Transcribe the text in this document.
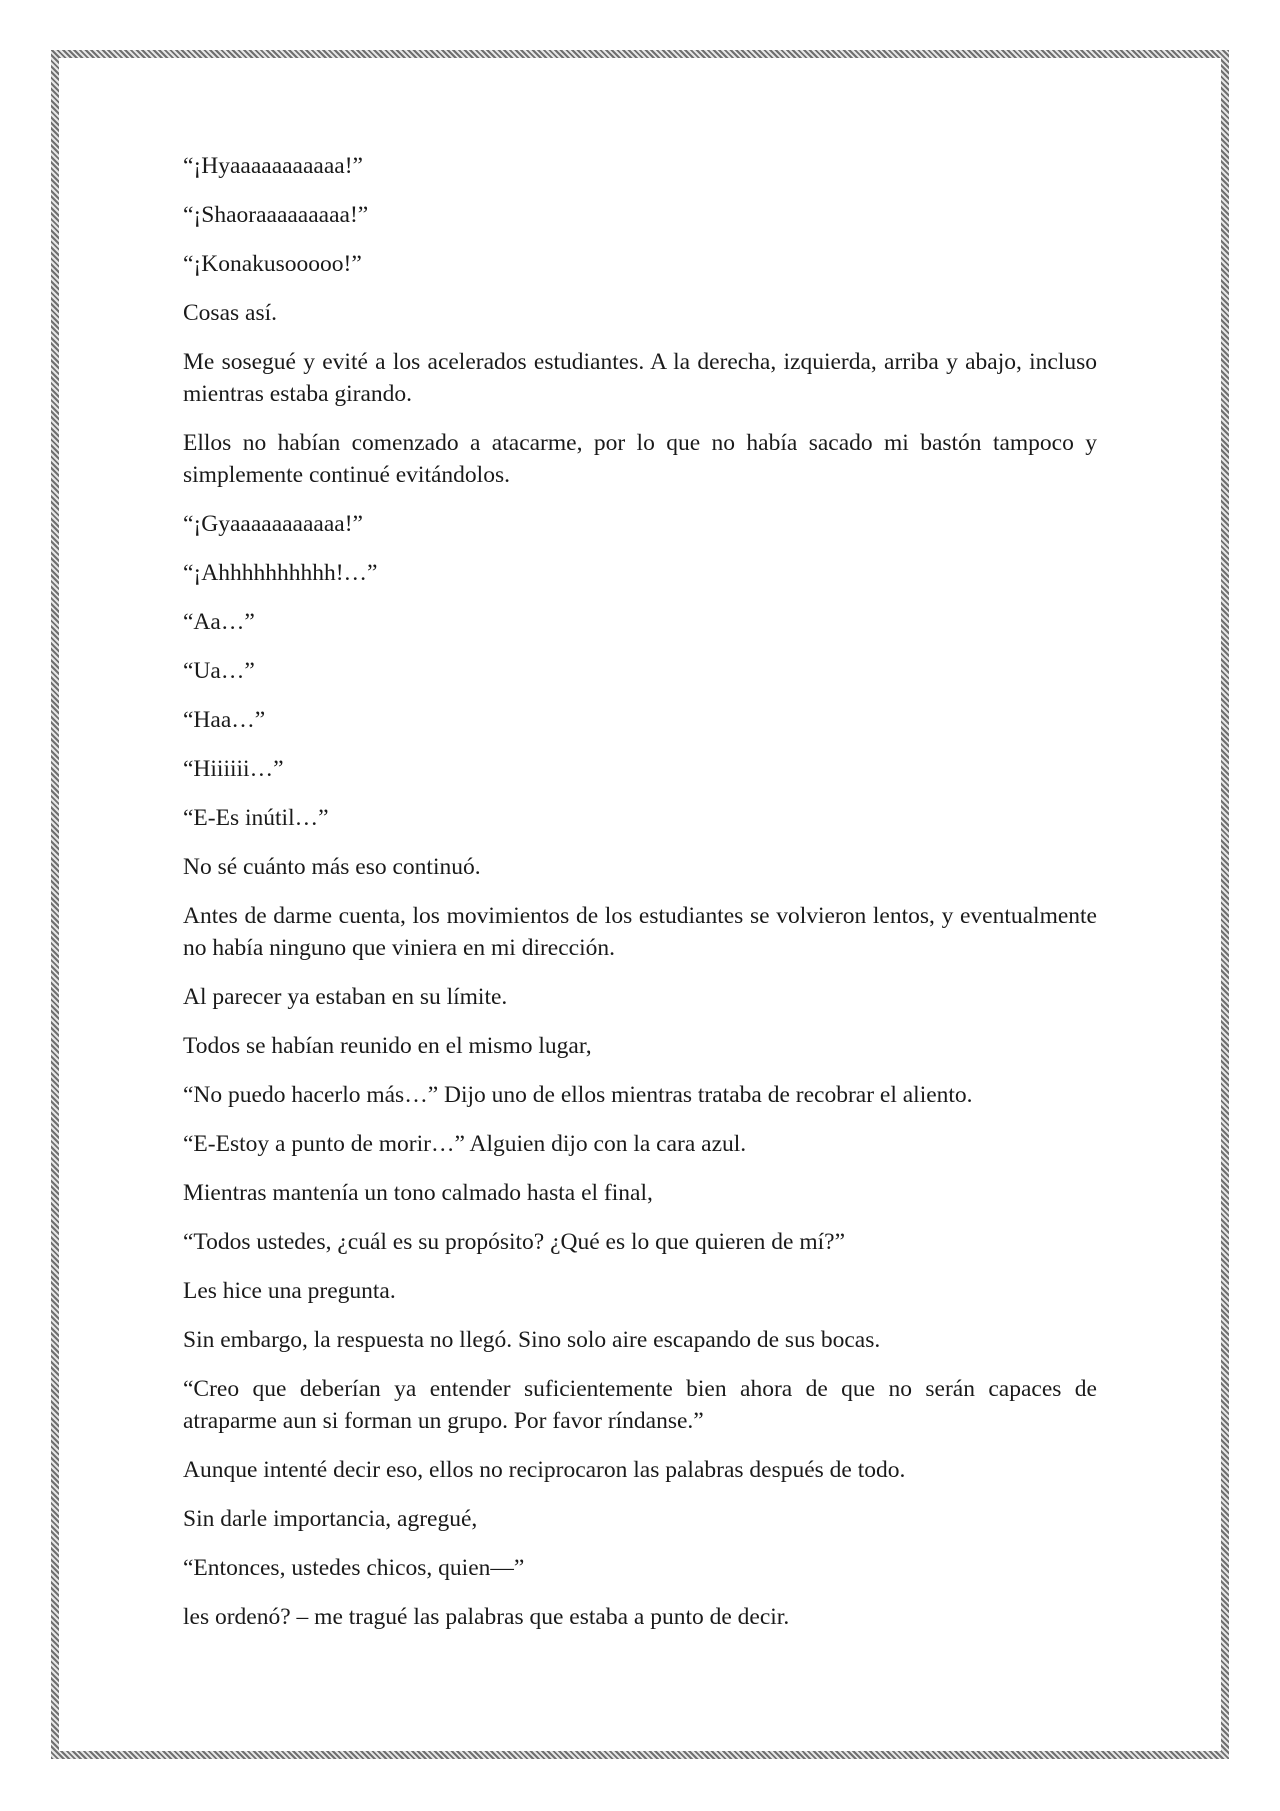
“¡Hyaaaaaaaaaaa!”

“¡Shaoraaaaaaaaa!”

“¡Konakusooooo!”

Cosas así.

Me sosegué y evité a los acelerados estudiantes. A la derecha, izquierda, arriba y abajo, incluso mientras estaba girando.

Ellos no habían comenzado a atacarme, por lo que no había sacado mi bastón tampoco y simplemente continué evitándolos.

“¡Gyaaaaaaaaaaa!”

“¡Ahhhhhhhhhh!…”

“Aa…”

“Ua…”

“Haa…”

“Hiiiiii…”

“E-Es inútil…”

No sé cuánto más eso continuó.

Antes de darme cuenta, los movimientos de los estudiantes se volvieron lentos, y eventualmente no había ninguno que viniera en mi dirección.

Al parecer ya estaban en su límite.

Todos se habían reunido en el mismo lugar,

“No puedo hacerlo más…” Dijo uno de ellos mientras trataba de recobrar el aliento.

“E-Estoy a punto de morir…” Alguien dijo con la cara azul.

Mientras mantenía un tono calmado hasta el final,

“Todos ustedes, ¿cuál es su propósito? ¿Qué es lo que quieren de mí?”

Les hice una pregunta.

Sin embargo, la respuesta no llegó. Sino solo aire escapando de sus bocas.

“Creo que deberían ya entender suficientemente bien ahora de que no serán capaces de atraparme aun si forman un grupo. Por favor ríndanse.”

Aunque intenté decir eso, ellos no reciprocaron las palabras después de todo.

Sin darle importancia, agregué,

“Entonces, ustedes chicos, quien—”

les ordenó? – me tragué las palabras que estaba a punto de decir.
